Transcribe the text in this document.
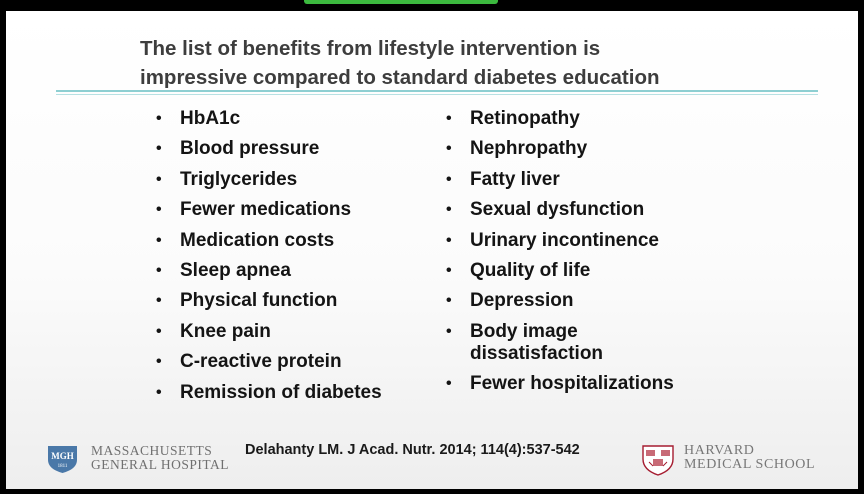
The list of benefits from lifestyle intervention is
impressive compared to standard diabetes education
• HbA1c
• Blood pressure
• Triglycerides
• Fewer medications
• Medication costs
• Sleep apnea
• Physical function
• Knee pain
• C-reactive protein
• Remission of diabetes
• Retinopathy
• Nephropathy
• Fatty liver
• Sexual dysfunction
• Urinary incontinence
• Quality of life
• Depression
• Body image dissatisfaction
• Fewer hospitalizations
MGH
1811
MASSACHUSETTS
GENERAL HOSPITAL
Delahanty LM. J Acad. Nutr. 2014; 114(4):537-542	HARVARD
MEDICAL SCHOOL
